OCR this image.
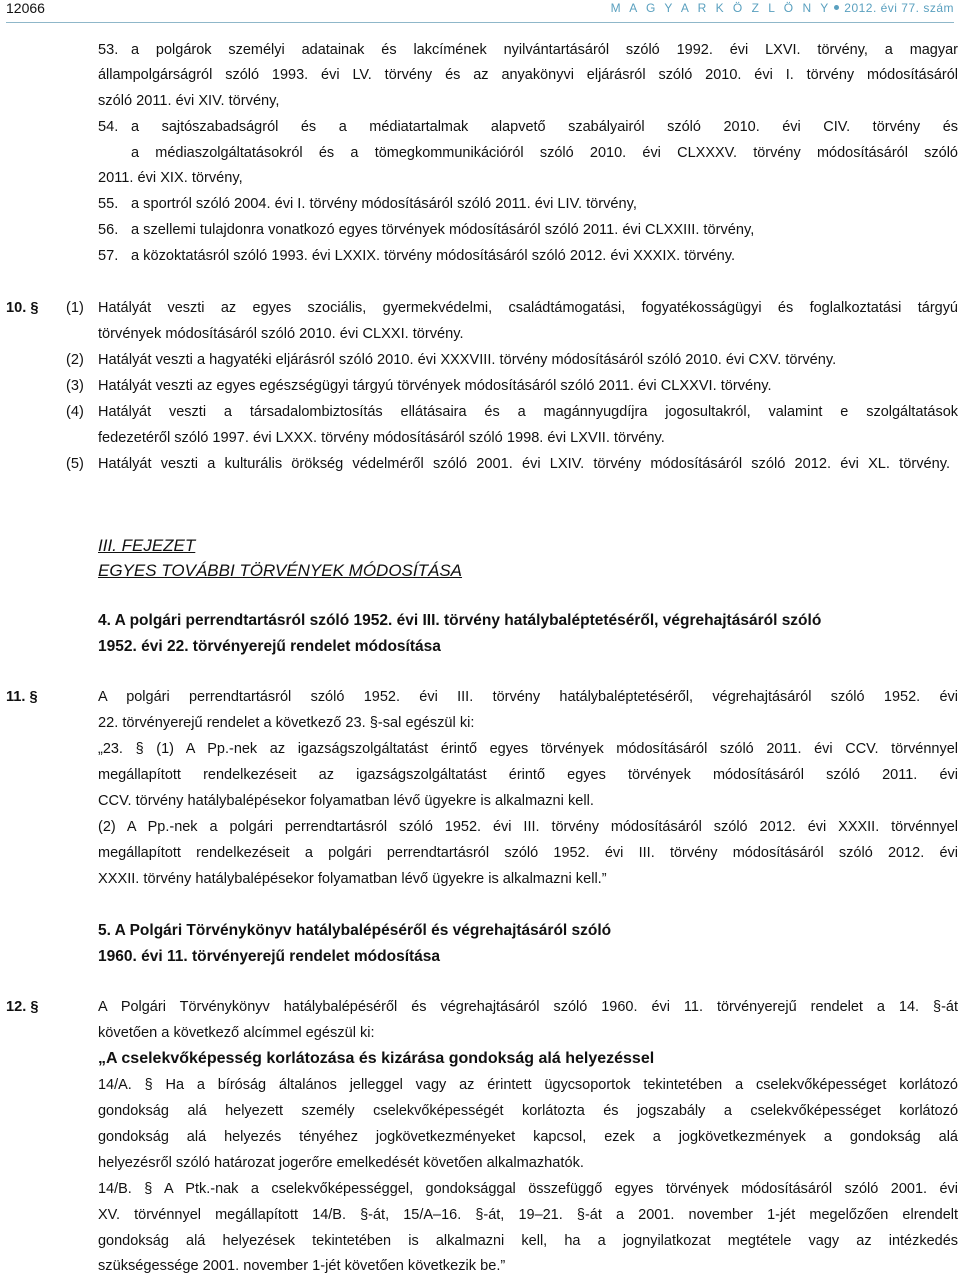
12066	M A G Y A R K Ö Z L Ö N Y 2012. évi 77. szám
53. a polgárok személyi adatainak és lakcímének nyilvántartásáról szóló 1992. évi LXVI. törvény, a magyar
állampolgárságról szóló 1993. évi LV. törvény és az anyakönyvi eljárásról szóló 2010. évi I. törvény módosításáról
szóló 2011. évi XIV. törvény,
54. a sajtószabadságról és a médiatartalmak alapvető szabályairól szóló 2010. évi CIV. törvény és
a médiaszolgáltatásokról és a tömegkommunikációról szóló 2010. évi CLXXXV. törvény módosításáról szóló
2011. évi XIX. törvény,
55. a sportról szóló 2004. évi I. törvény módosításáról szóló 2011. évi LIV. törvény,
56. a szellemi tulajdonra vonatkozó egyes törvények módosításáról szóló 2011. évi CLXXIII. törvény,
57. a közoktatásról szóló 1993. évi LXXIX. törvény módosításáról szóló 2012. évi XXXIX. törvény.
10. § (1) Hatályát veszti az egyes szociális, gyermekvédelmi, családtámogatási, fogyatékosságügyi és foglalkoztatási tárgyú
törvények módosításáról szóló 2010. évi CLXXI. törvény.
(2) Hatályát veszti a hagyatéki eljárásról szóló 2010. évi XXXVIII. törvény módosításáról szóló 2010. évi CXV. törvény.
(3) Hatályát veszti az egyes egészségügyi tárgyú törvények módosításáról szóló 2011. évi CLXXVI. törvény.
(4) Hatályát veszti a társadalombiztosítás ellátásaira és a magánnyugdíjra jogosultakról, valamint e szolgáltatások
fedezetéről szóló 1997. évi LXXX. törvény módosításáról szóló 1998. évi LXVII. törvény.
(5) Hatályát veszti a kulturális örökség védelméről szóló 2001. évi LXIV. törvény módosításáról szóló 2012. évi XL. törvény.
III. FEJEZET
EGYES TOVÁBBI TÖRVÉNYEK MÓDOSÍTÁSA
4. A polgári perrendtartásról szóló 1952. évi III. törvény hatálybaléptetéséről, végrehajtásáról szóló
1952. évi 22. törvényerejű rendelet módosítása
11. §	A polgári perrendtartásról szóló 1952. évi III. törvény hatálybaléptetéséről, végrehajtásáról szóló 1952. évi
22. törvényerejű rendelet a következő 23. §-sal egészül ki:
„23. § (1) A Pp.-nek az igazságszolgáltatást érintő egyes törvények módosításáról szóló 2011. évi CCV. törvénnyel
megállapított rendelkezéseit az igazságszolgáltatást érintő egyes törvények módosításáról szóló 2011. évi
CCV. törvény hatálybalépésekor folyamatban lévő ügyekre is alkalmazni kell.
(2) A Pp.-nek a polgári perrendtartásról szóló 1952. évi III. törvény módosításáról szóló 2012. évi XXXII. törvénnyel
megállapított rendelkezéseit a polgári perrendtartásról szóló 1952. évi III. törvény módosításáról szóló 2012. évi
XXXII. törvény hatálybalépésekor folyamatban lévő ügyekre is alkalmazni kell.”
5. A Polgári Törvénykönyv hatálybalépéséről és végrehajtásáról szóló
1960. évi 11. törvényerejű rendelet módosítása
12. §	A Polgári Törvénykönyv hatálybalépéséről és végrehajtásáról szóló 1960. évi 11. törvényerejű rendelet a 14. §-át
követően a következő alcímmel egészül ki:
„A cselekvőképesség korlátozása és kizárása gondokság alá helyezéssel
14/A. § Ha a bíróság általános jelleggel vagy az érintett ügycsoportok tekintetében a cselekvőképességet korlátozó
gondokság alá helyezett személy cselekvőképességét korlátozta és jogszabály a cselekvőképességet korlátozó
gondokság alá helyezés tényéhez jogkövetkezményeket kapcsol, ezek a jogkövetkezmények a gondokság alá
helyezésről szóló határozat jogerőre emelkedését követően alkalmazhatók.
14/B. § A Ptk.-nak a cselekvőképességgel, gondoksággal összefüggő egyes törvények módosításáról szóló 2001. évi
XV. törvénnyel megállapított 14/B. §-át, 15/A–16. §-át, 19–21. §-át a 2001. november 1-jét megelőzően elrendelt
gondokság alá helyezések tekintetében is alkalmazni kell, ha a jognyilatkozat megtétele vagy az intézkedés
szükségessége 2001. november 1-jét követően következik be.”
